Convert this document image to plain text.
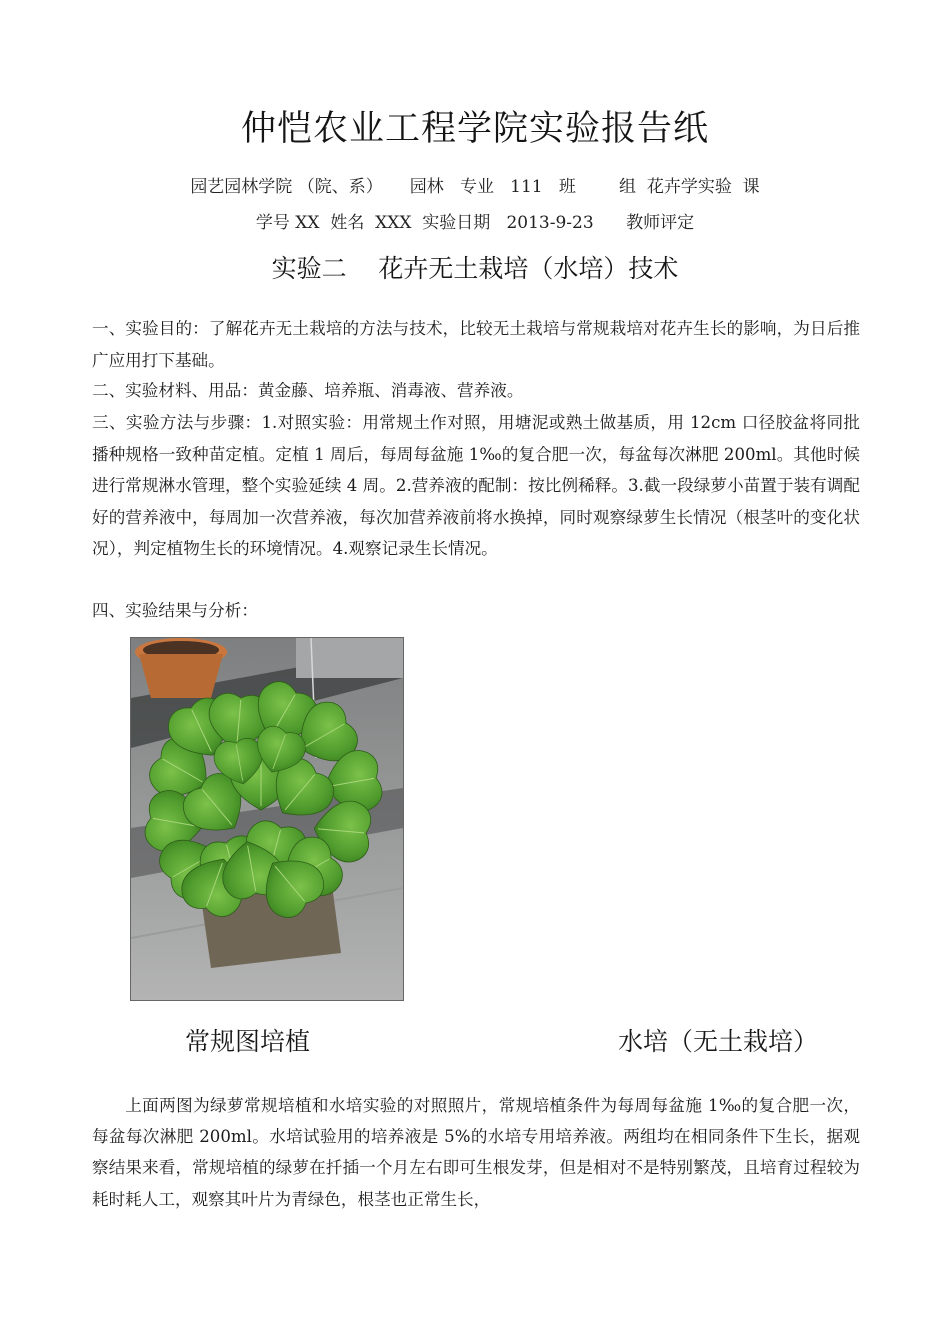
仲恺农业工程学院实验报告纸
园艺园林学院 （院、系）     园林   专业   111   班        组  花卉学实验  课
学号 XX  姓名  XXX  实验日期   2013-9-23      教师评定
实验二    花卉无土栽培（水培）技术
一、实验目的：了解花卉无土栽培的方法与技术，比较无土栽培与常规栽培对花卉生长的影响，为日后推广应用打下基础。
二、实验材料、用品：黄金藤、培养瓶、消毒液、营养液。
三、实验方法与步骤：1.对照实验：用常规土作对照，用塘泥或熟土做基质，用 12cm 口径胶盆将同批播种规格一致种苗定植。定植 1 周后，每周每盆施 1‰的复合肥一次，每盆每次淋肥 200ml。其他时候进行常规淋水管理，整个实验延续 4 周。2.营养液的配制：按比例稀释。3.截一段绿萝小苗置于装有调配好的营养液中，每周加一次营养液，每次加营养液前将水换掉，同时观察绿萝生长情况（根茎叶的变化状况），判定植物生长的环境情况。4.观察记录生长情况。
四、实验结果与分析：
常规图培植	水培（无土栽培）
上面两图为绿萝常规培植和水培实验的对照照片，常规培植条件为每周每盆施 1‰的复合肥一次，每盆每次淋肥 200ml。水培试验用的培养液是 5%的水培专用培养液。两组均在相同条件下生长，据观察结果来看，常规培植的绿萝在扦插一个月左右即可生根发芽，但是相对不是特别繁茂，且培育过程较为耗时耗人工，观察其叶片为青绿色，根茎也正常生长，
